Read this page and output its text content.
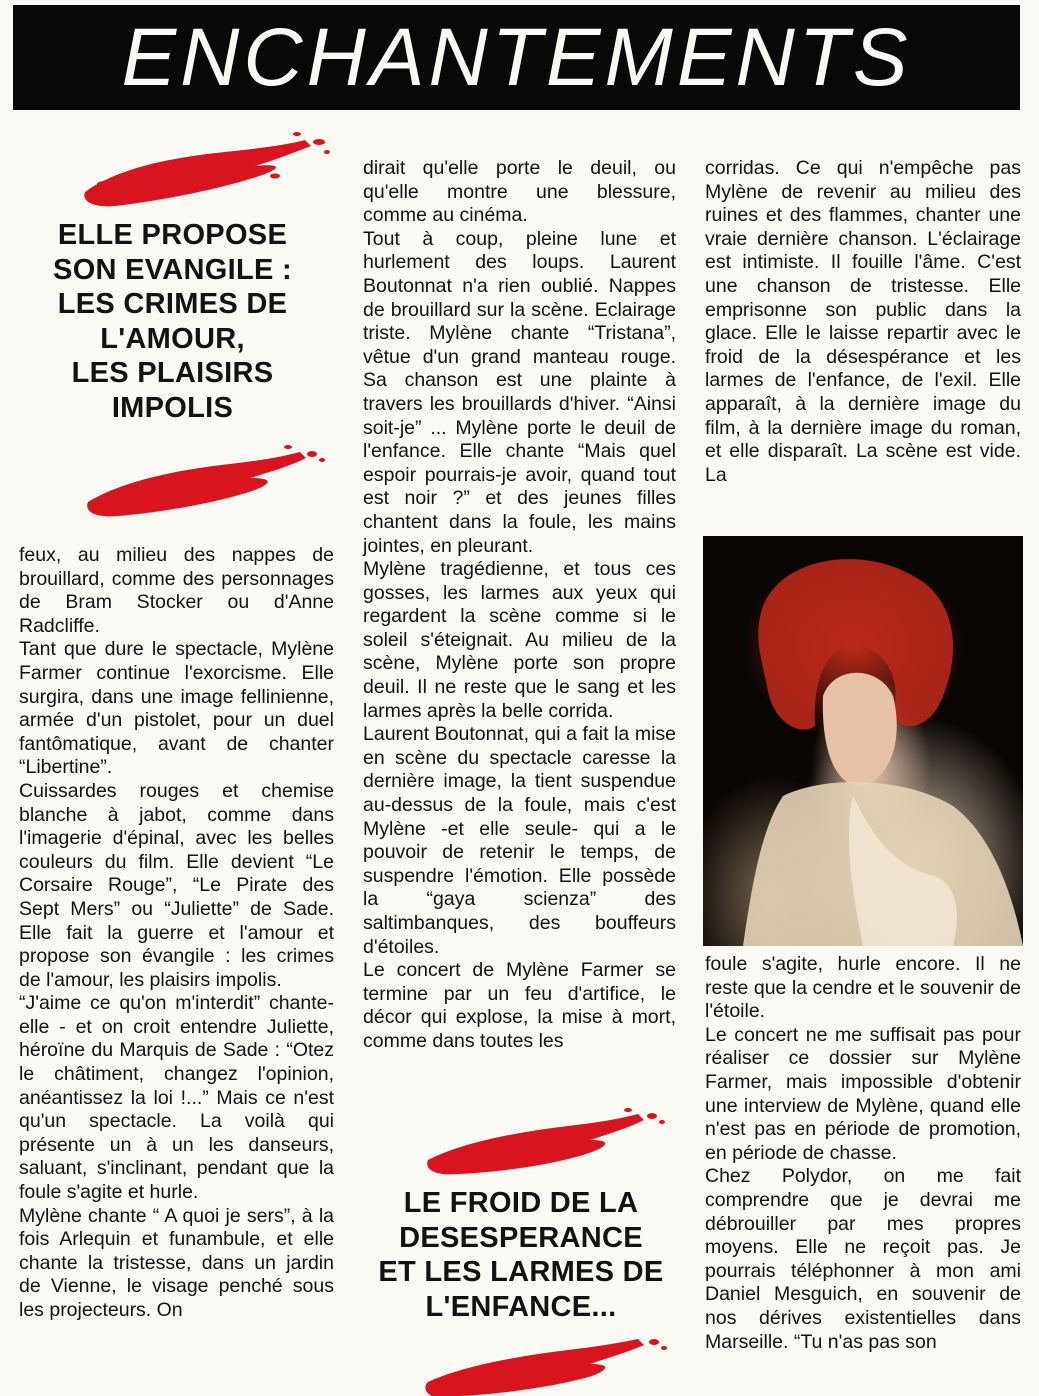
ENCHANTEMENTS
ELLE PROPOSE
SON EVANGILE :
LES CRIMES DE
L'AMOUR,
LES PLAISIRS
IMPOLIS

feux, au milieu des nappes de brouillard, comme des personnages de Bram Stocker ou d'Anne Radcliffe.

Tant que dure le spectacle, Mylène Farmer continue l'exorcisme. Elle surgira, dans une image fellinienne, armée d'un pistolet, pour un duel fantômatique, avant de chanter “Libertine”.

Cuissardes rouges et chemise blanche à jabot, comme dans l'imagerie d'épinal, avec les belles couleurs du film. Elle devient “Le Corsaire Rouge”, “Le Pirate des Sept Mers” ou “Juliette” de Sade. Elle fait la guerre et l'amour et propose son évangile : les crimes de l'amour, les plaisirs impolis.

“J'aime ce qu'on m'interdit” chante-elle - et on croit entendre Juliette, héroïne du Marquis de Sade : “Otez le châtiment, changez l'opinion, anéantissez la loi !...” Mais ce n'est qu'un spectacle. La voilà qui présente un à un les danseurs, saluant, s'inclinant, pendant que la foule s'agite et hurle.

Mylène chante “ A quoi je sers”, à la fois Arlequin et funambule, et elle chante la tristesse, dans un jardin de Vienne, le visage penché sous les projecteurs. On

dirait qu'elle porte le deuil, ou qu'elle montre une blessure, comme au cinéma.

Tout à coup, pleine lune et hurlement des loups. Laurent Boutonnat n'a rien oublié. Nappes de brouillard sur la scène. Eclairage triste. Mylène chante “Tristana”, vêtue d'un grand manteau rouge. Sa chanson est une plainte à travers les brouillards d'hiver. “Ainsi soit-je” ... Mylène porte le deuil de l'enfance. Elle chante “Mais quel espoir pourrais-je avoir, quand tout est noir ?” et des jeunes filles chantent dans la foule, les mains jointes, en pleurant.

Mylène tragédienne, et tous ces gosses, les larmes aux yeux qui regardent la scène comme si le soleil s'éteignait. Au milieu de la scène, Mylène porte son propre deuil. Il ne reste que le sang et les larmes après la belle corrida.

Laurent Boutonnat, qui a fait la mise en scène du spectacle caresse la dernière image, la tient suspendue au-dessus de la foule, mais c'est Mylène -et elle seule- qui a le pouvoir de retenir le temps, de suspendre l'émotion. Elle possède la “gaya scienza” des saltimbanques, des bouffeurs d'étoiles.

Le concert de Mylène Farmer se termine par un feu d'artifice, le décor qui explose, la mise à mort, comme dans toutes les

LE FROID DE LA
DESESPERANCE
ET LES LARMES DE
L'ENFANCE...

corridas. Ce qui n'empêche pas Mylène de revenir au milieu des ruines et des flammes, chanter une vraie dernière chanson. L'éclairage est intimiste. Il fouille l'âme. C'est une chanson de tristesse. Elle emprisonne son public dans la glace. Elle le laisse repartir avec le froid de la désespérance et les larmes de l'enfance, de l'exil. Elle apparaît, à la dernière image du film, à la dernière image du roman, et elle disparaît. La scène est vide. La

foule s'agite, hurle encore. Il ne reste que la cendre et le souvenir de l'étoile.

Le concert ne me suffisait pas pour réaliser ce dossier sur Mylène Farmer, mais impossible d'obtenir une interview de Mylène, quand elle n'est pas en période de promotion, en période de chasse.

Chez Polydor, on me fait comprendre que je devrai me débrouiller par mes propres moyens. Elle ne reçoit pas. Je pourrais téléphonner à mon ami Daniel Mesguich, en souvenir de nos dérives existentielles dans Marseille. “Tu n'as pas son
